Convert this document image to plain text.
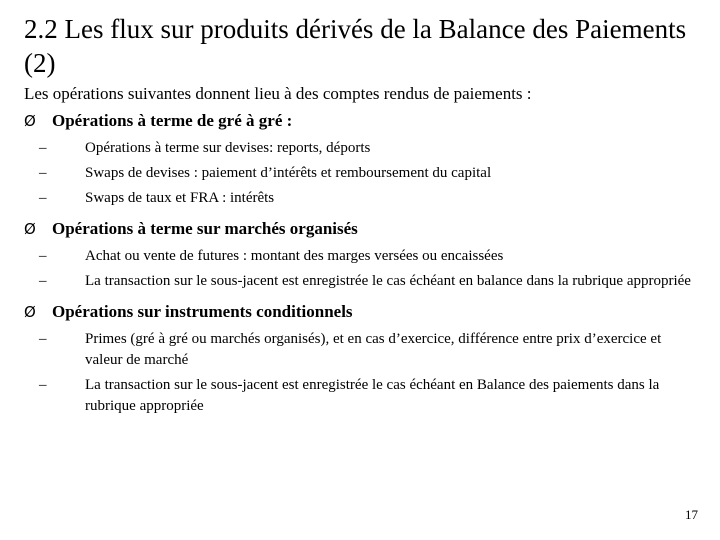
2.2 Les flux sur produits dérivés de la Balance des Paiements (2)

Les opérations suivantes donnent lieu à des comptes rendus de paiements :

Ø Opérations à terme de gré à gré :
–	Opérations à terme sur devises: reports, déports
–	Swaps de devises : paiement d’intérêts et remboursement du capital
–	Swaps de taux et FRA : intérêts
Ø Opérations à terme sur marchés organisés
–	Achat ou vente de futures : montant des marges versées ou encaissées
–	La transaction sur le sous-jacent est enregistrée le cas échéant en balance dans la rubrique appropriée
Ø Opérations sur instruments conditionnels
–	Primes (gré à gré ou marchés organisés), et en cas d’exercice, différence entre prix d’exercice et valeur de marché
–	La transaction sur le sous-jacent est enregistrée le cas échéant en Balance des paiements dans la rubrique appropriée
17
